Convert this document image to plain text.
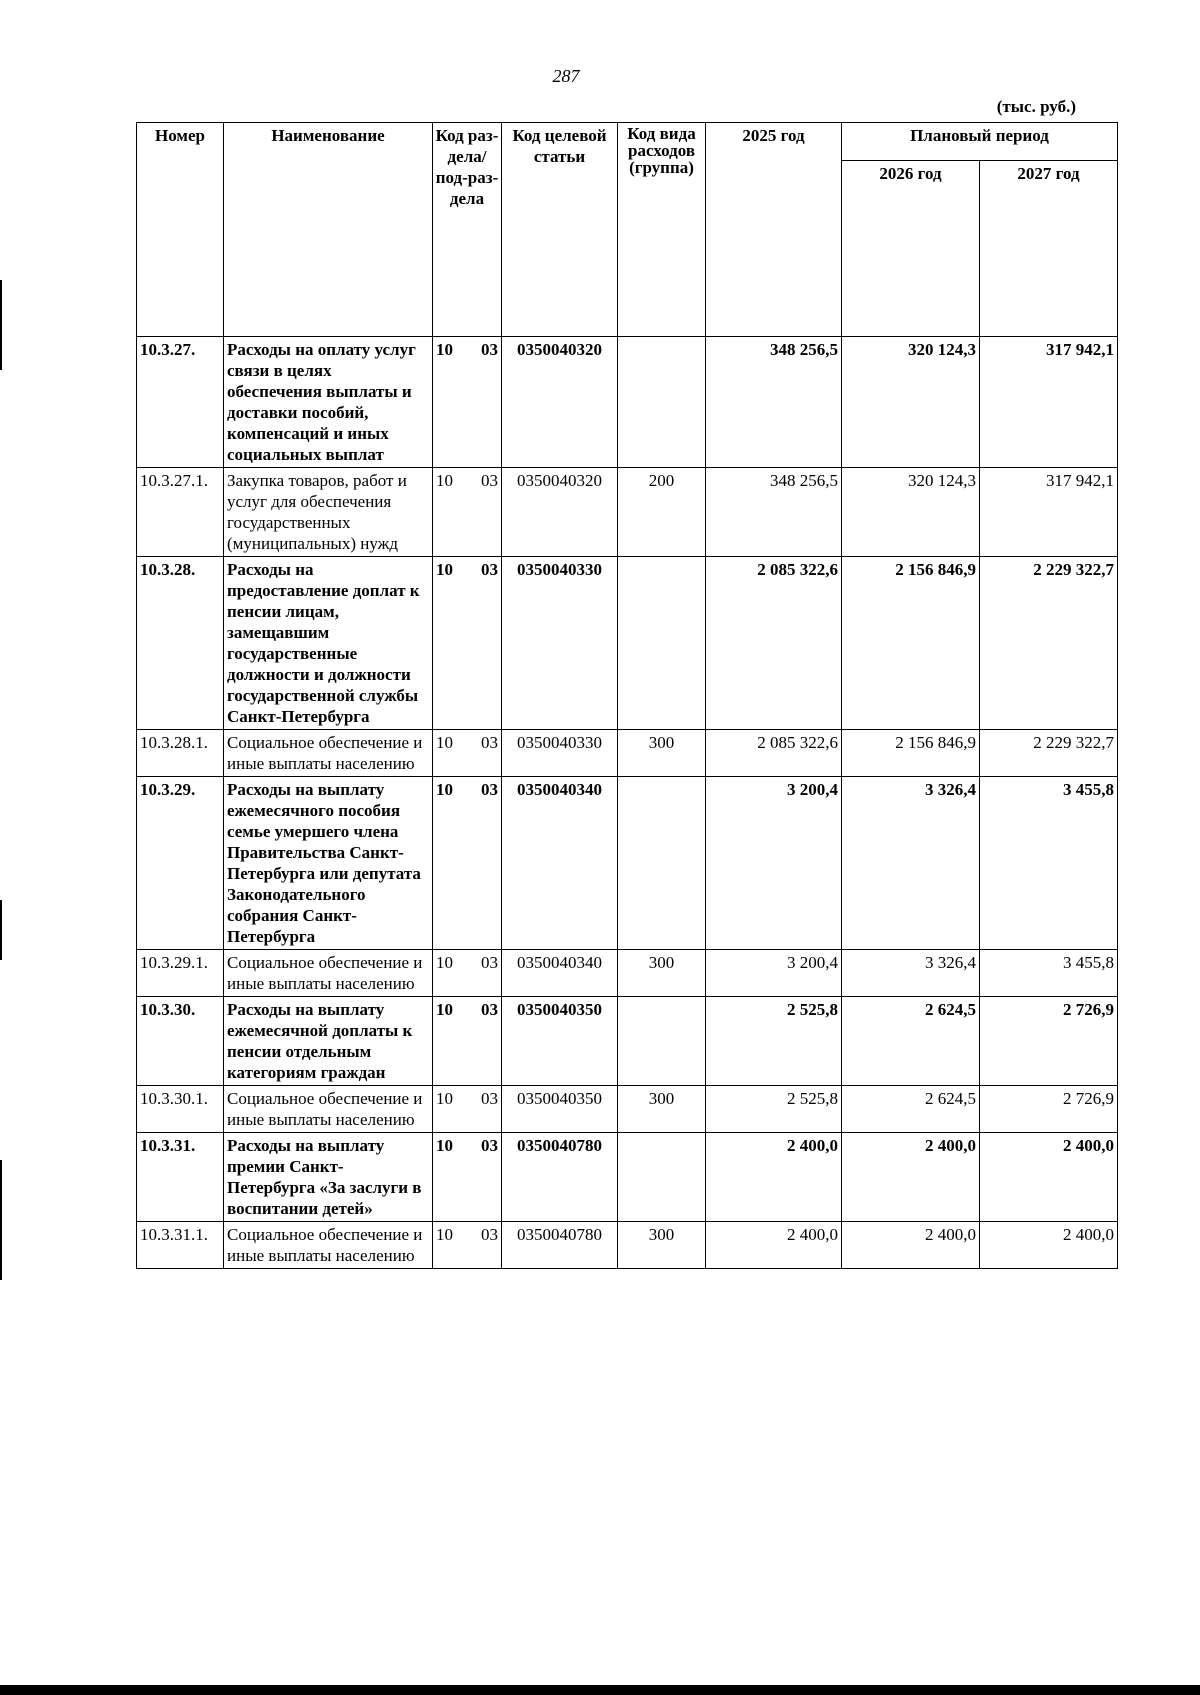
287
(тыс. руб.)
Номер	Наименование	Код раз-дела/ под-раз-дела	Код целевой статьи	Код вида расходов (группа)	2025 год	Плановый период	
						2026 год	2027 год
10.3.27.	Расходы на оплату услуг связи в целях обеспечения выплаты и доставки пособий, компенсаций и иных социальных выплат	10 03	0350040320		348 256,5	320 124,3	317 942,1
10.3.27.1.	Закупка товаров, работ и услуг для обеспечения государственных (муниципальных) нужд	10 03	0350040320	200	348 256,5	320 124,3	317 942,1
10.3.28.	Расходы на предоставление доплат к пенсии лицам, замещавшим государственные должности и должности государственной службы Санкт-Петербурга	10 03	0350040330		2 085 322,6	2 156 846,9	2 229 322,7
10.3.28.1.	Социальное обеспечение и иные выплаты населению	10 03	0350040330	300	2 085 322,6	2 156 846,9	2 229 322,7
10.3.29.	Расходы на выплату ежемесячного пособия семье умершего члена Правительства Санкт-Петербурга или депутата Законодательного собрания Санкт-Петербурга	10 03	0350040340		3 200,4	3 326,4	3 455,8
10.3.29.1.	Социальное обеспечение и иные выплаты населению	10 03	0350040340	300	3 200,4	3 326,4	3 455,8
10.3.30.	Расходы на выплату ежемесячной доплаты к пенсии отдельным категориям граждан	10 03	0350040350		2 525,8	2 624,5	2 726,9
10.3.30.1.	Социальное обеспечение и иные выплаты населению	10 03	0350040350	300	2 525,8	2 624,5	2 726,9
10.3.31.	Расходы на выплату премии Санкт-Петербурга «За заслуги в воспитании детей»	10 03	0350040780		2 400,0	2 400,0	2 400,0
10.3.31.1.	Социальное обеспечение и иные выплаты населению	10 03	0350040780	300	2 400,0	2 400,0	2 400,0
